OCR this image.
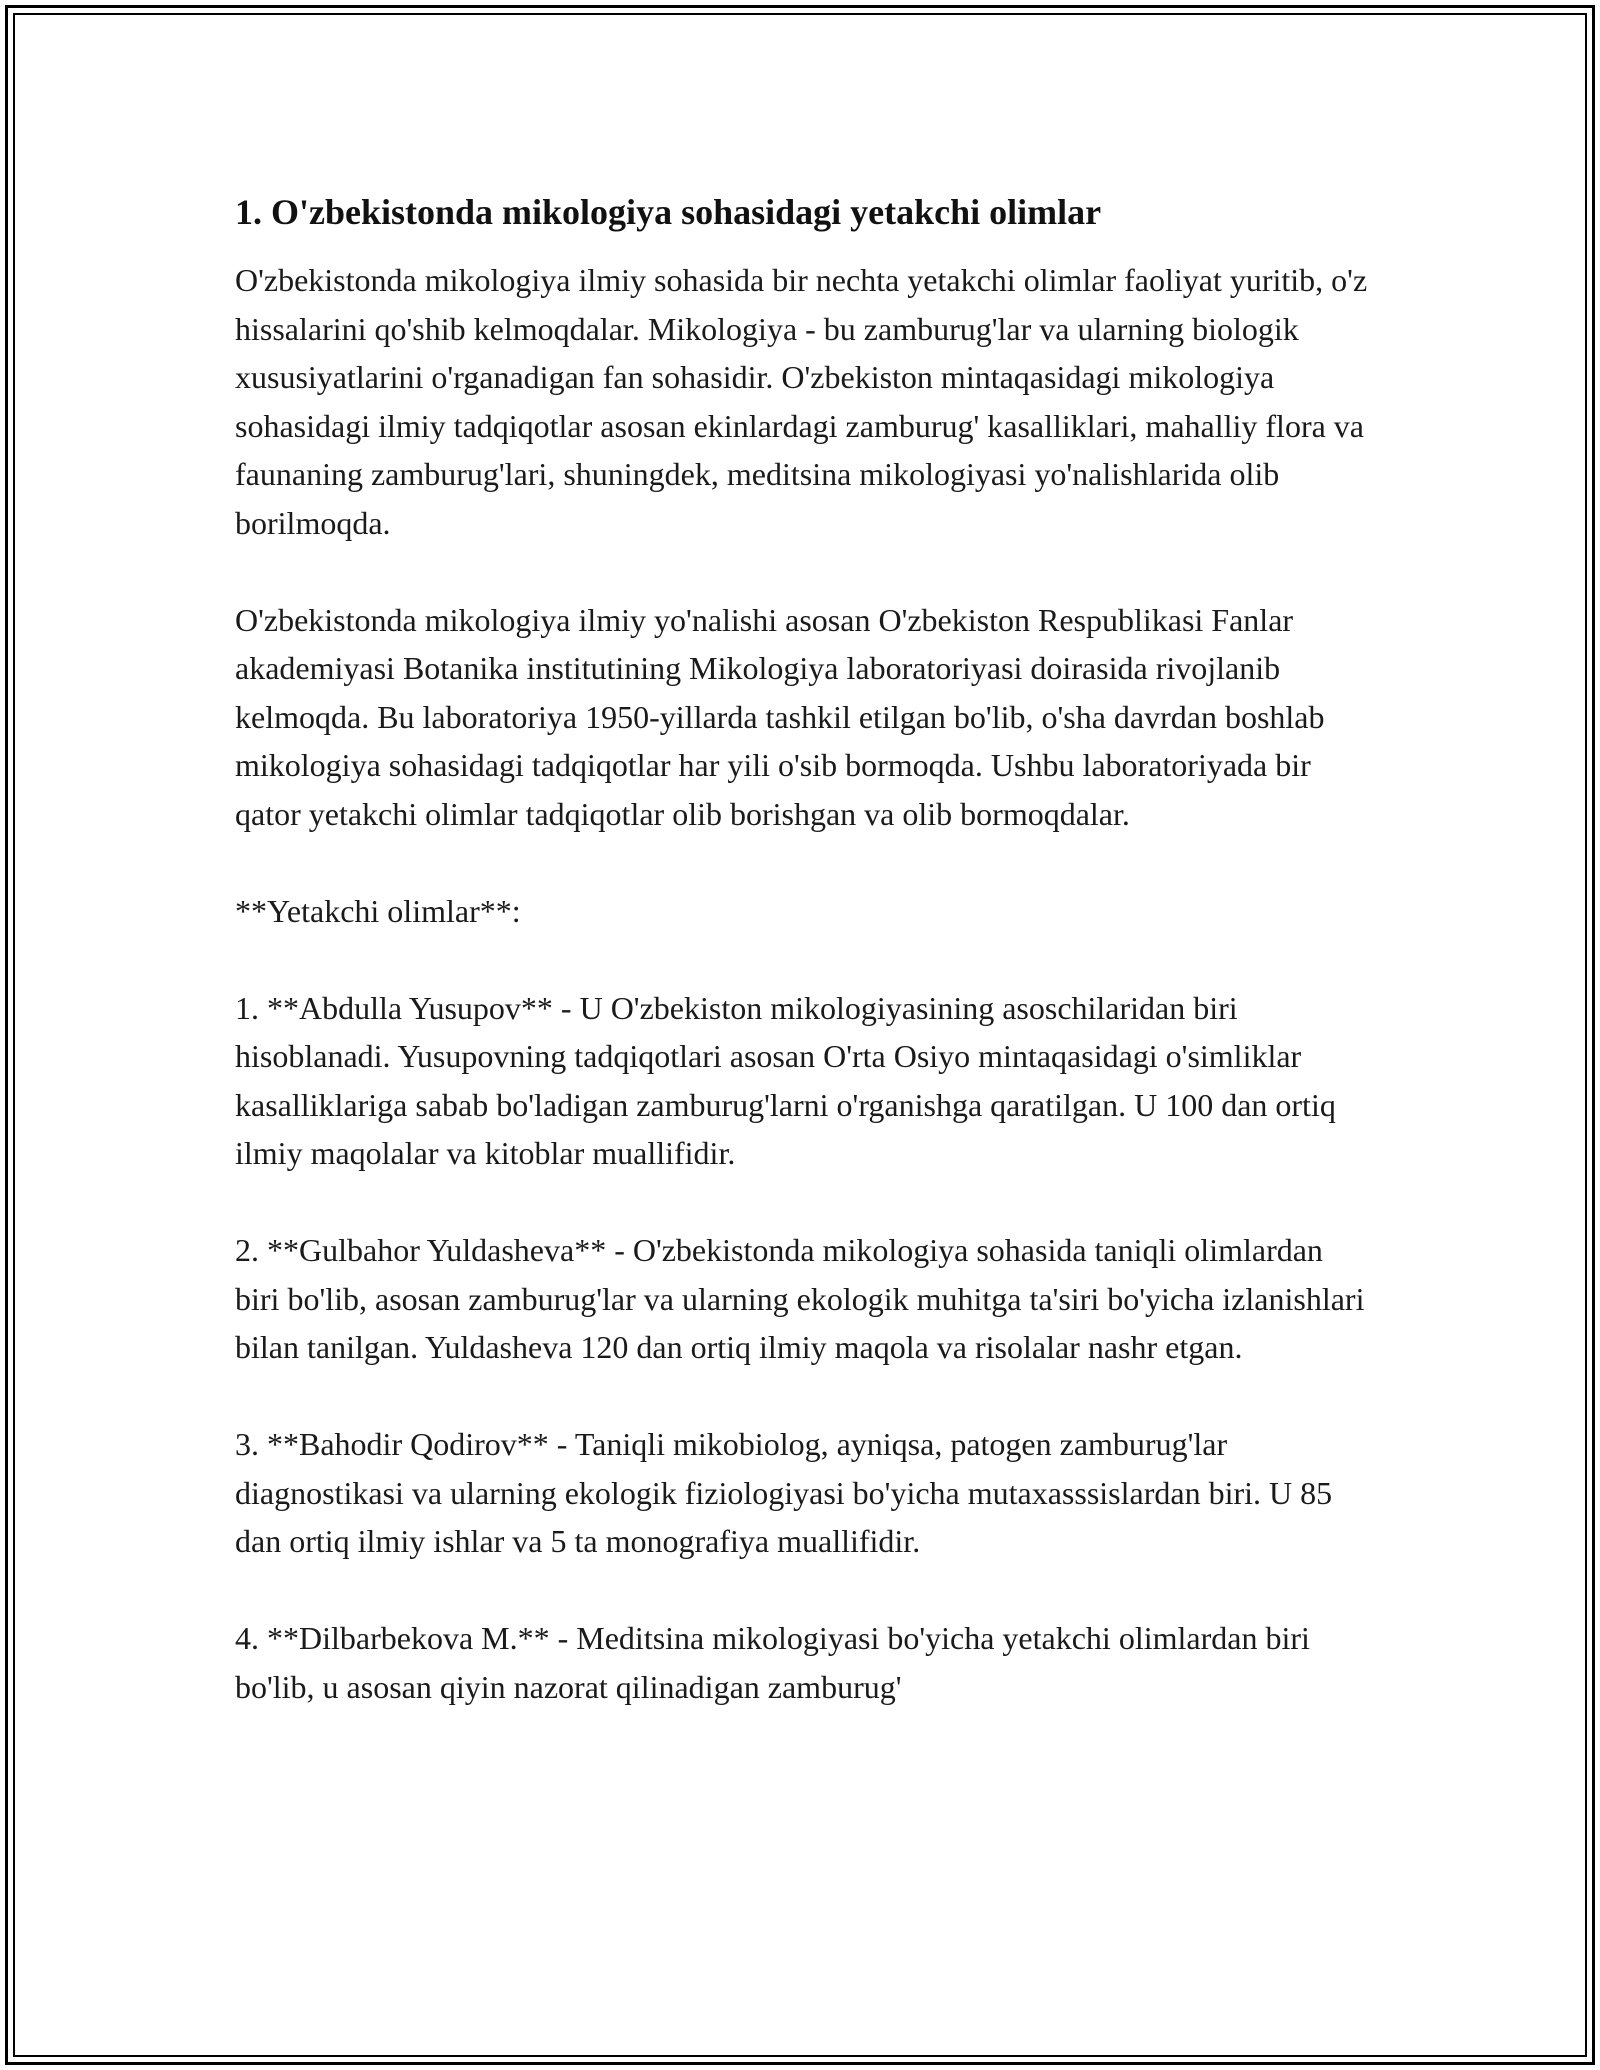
1. O'zbekistonda mikologiya sohasidagi yetakchi olimlar

O'zbekistonda mikologiya ilmiy sohasida bir nechta yetakchi olimlar faoliyat yuritib, o'z hissalarini qo'shib kelmoqdalar. Mikologiya - bu zamburug'lar va ularning biologik xususiyatlarini o'rganadigan fan sohasidir. O'zbekiston mintaqasidagi mikologiya sohasidagi ilmiy tadqiqotlar asosan ekinlardagi zamburug' kasalliklari, mahalliy flora va faunaning zamburug'lari, shuningdek, meditsina mikologiyasi yo'nalishlarida olib borilmoqda.

O'zbekistonda mikologiya ilmiy yo'nalishi asosan O'zbekiston Respublikasi Fanlar akademiyasi Botanika institutining Mikologiya laboratoriyasi doirasida rivojlanib kelmoqda. Bu laboratoriya 1950-yillarda tashkil etilgan bo'lib, o'sha davrdan boshlab mikologiya sohasidagi tadqiqotlar har yili o'sib bormoqda. Ushbu laboratoriyada bir qator yetakchi olimlar tadqiqotlar olib borishgan va olib bormoqdalar.

**Yetakchi olimlar**:

1. **Abdulla Yusupov** - U O'zbekiston mikologiyasining asoschilaridan biri hisoblanadi. Yusupovning tadqiqotlari asosan O'rta Osiyo mintaqasidagi o'simliklar kasalliklariga sabab bo'ladigan zamburug'larni o'rganishga qaratilgan. U 100 dan ortiq ilmiy maqolalar va kitoblar muallifidir.

2. **Gulbahor Yuldasheva** - O'zbekistonda mikologiya sohasida taniqli olimlardan biri bo'lib, asosan zamburug'lar va ularning ekologik muhitga ta'siri bo'yicha izlanishlari bilan tanilgan. Yuldasheva 120 dan ortiq ilmiy maqola va risolalar nashr etgan.

3. **Bahodir Qodirov** - Taniqli mikobiolog, ayniqsa, patogen zamburug'lar diagnostikasi va ularning ekologik fiziologiyasi bo'yicha mutaxasssislardan biri. U 85 dan ortiq ilmiy ishlar va 5 ta monografiya muallifidir.

4. **Dilbarbekova M.** - Meditsina mikologiyasi bo'yicha yetakchi olimlardan biri bo'lib, u asosan qiyin nazorat qilinadigan zamburug'
